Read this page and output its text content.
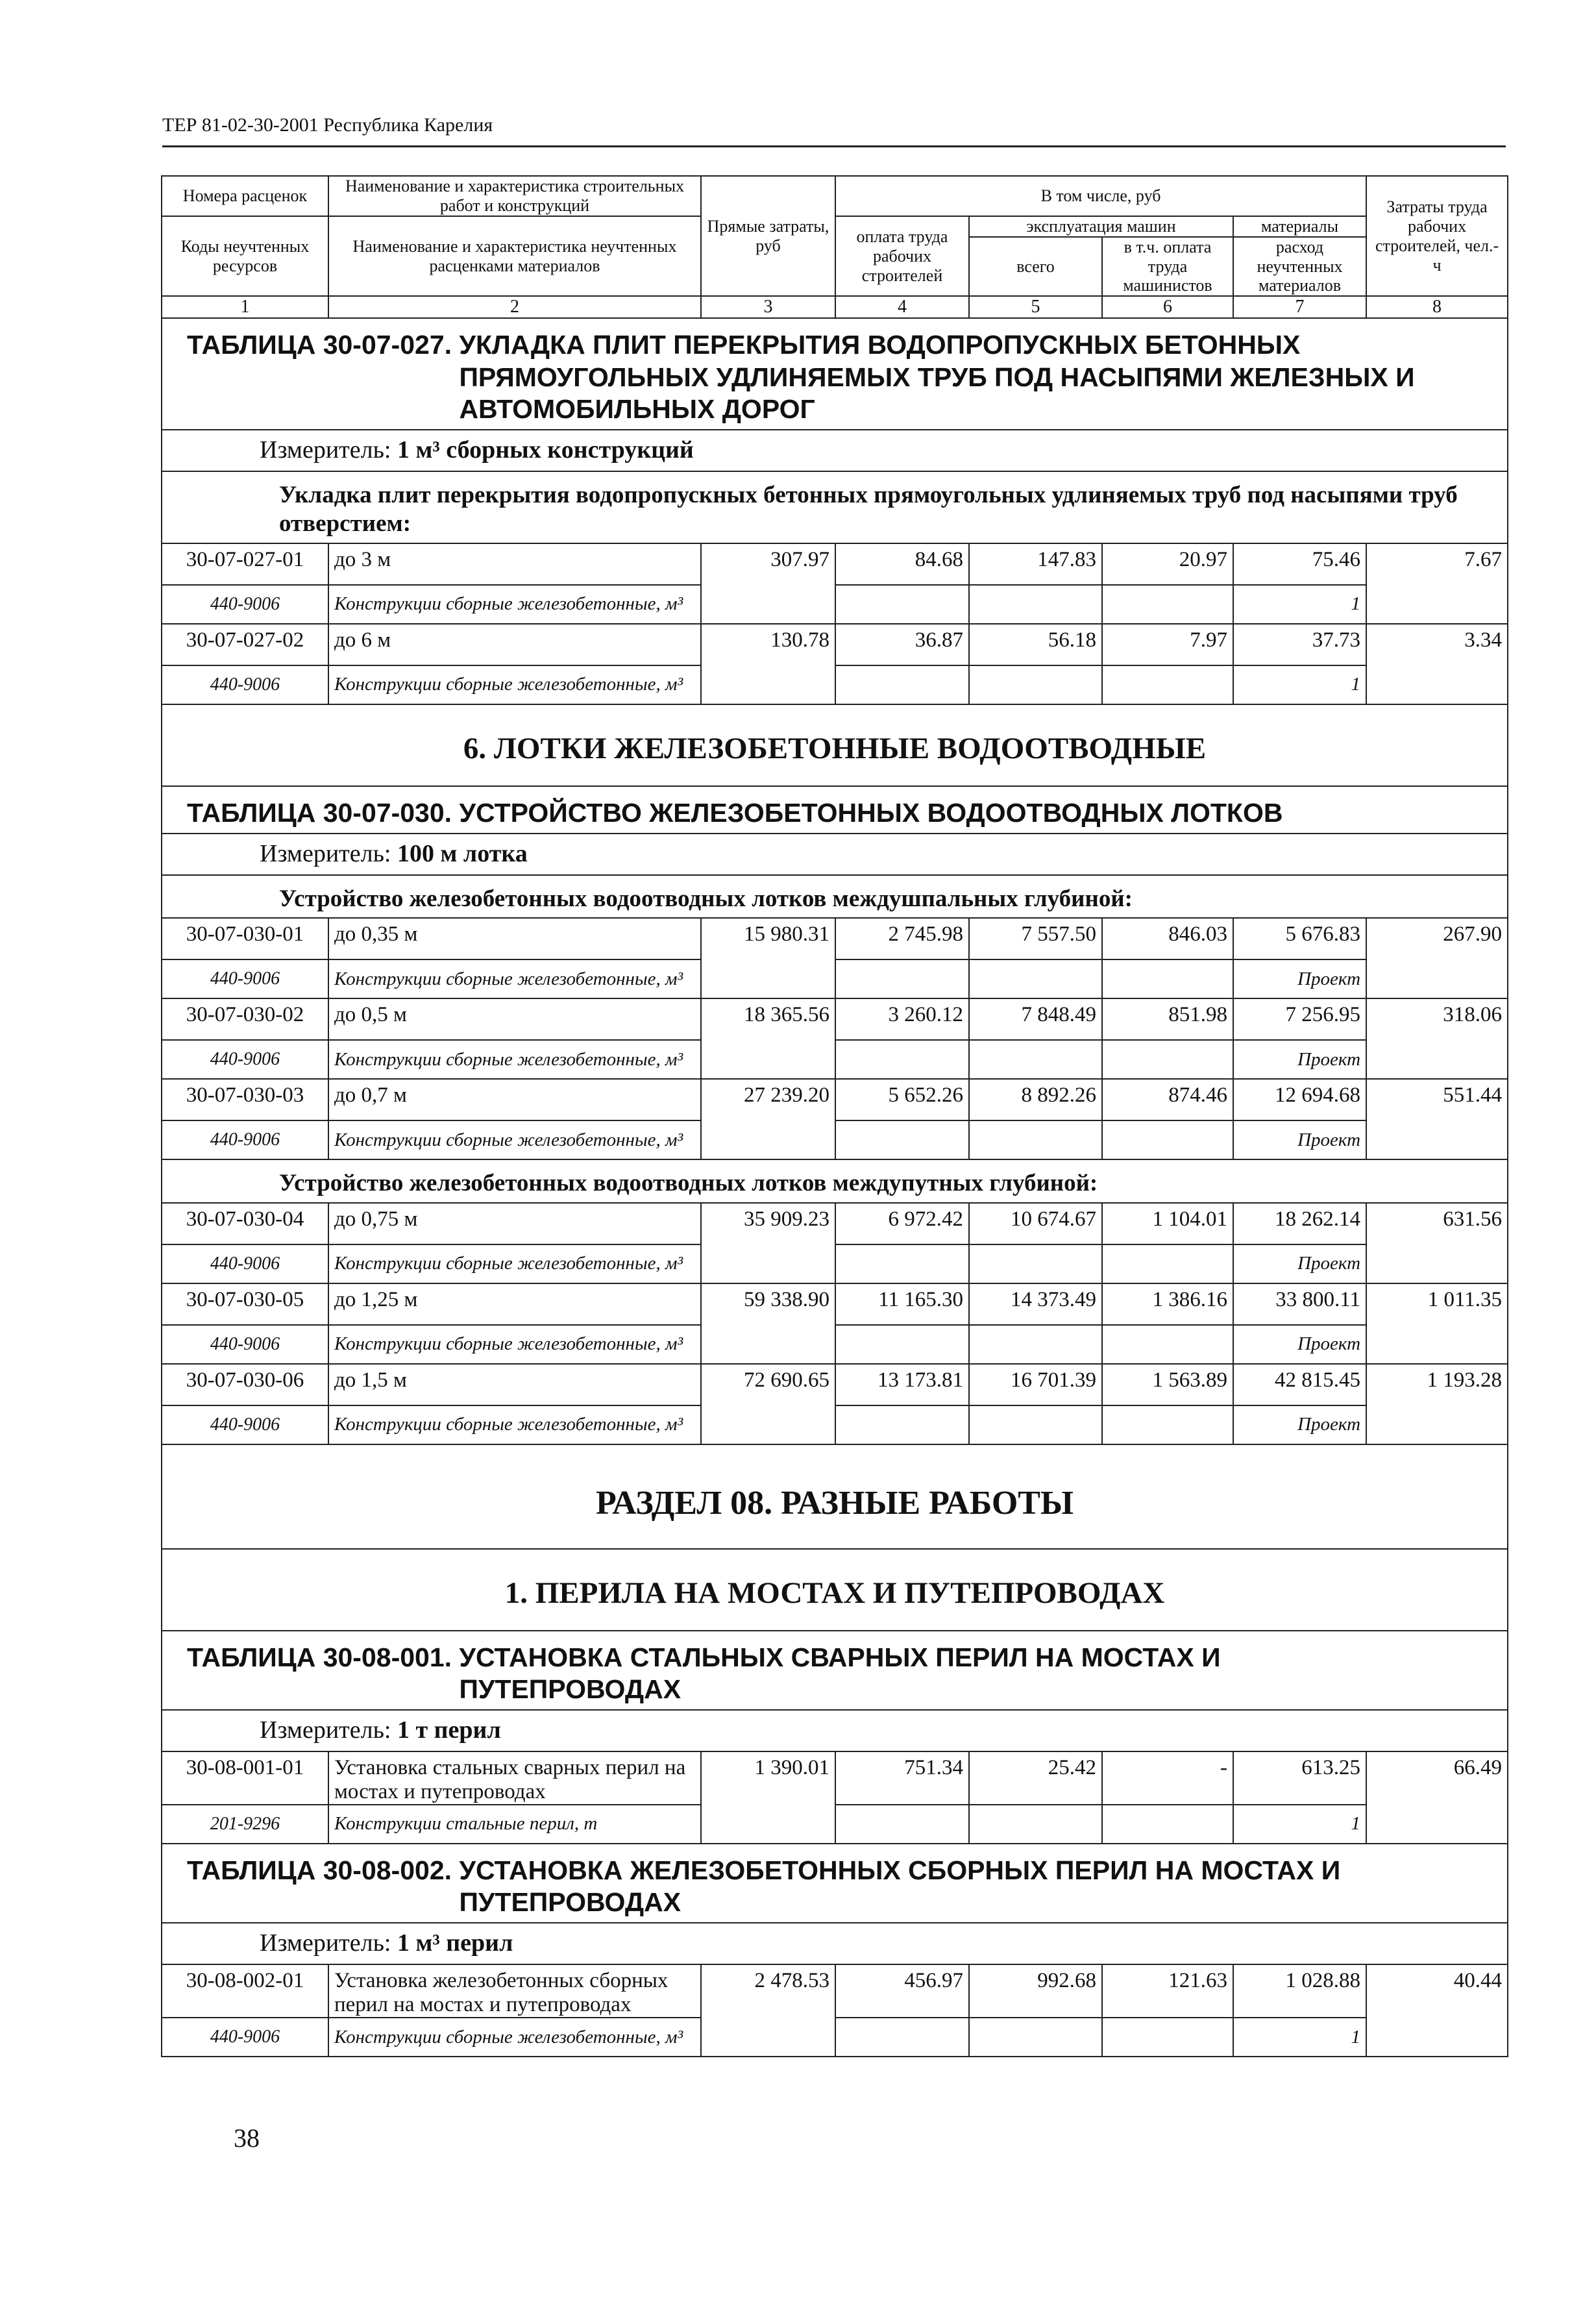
ТЕР 81-02-30-2001 Республика Карелия
Номера расценок	Наименование и характеристика строительных работ и конструкций	Прямые затраты, руб	В том числе, руб				Затраты труда рабочих строителей, чел.-ч
Коды неучтенных ресурсов	Наименование и характеристика неучтенных расценками материалов		оплата труда рабочих строителей	эксплуатация машин		материалы	
				всего	в т.ч. оплата труда машинистов	расход неучтенных материалов	

1	2	3	4	5	6	7	8
ТАБЛИЦА 30-07-027. УКЛАДКА ПЛИТ ПЕРЕКРЫТИЯ ВОДОПРОПУСКНЫХ БЕТОННЫХ ПРЯМОУГОЛЬНЫХ УДЛИНЯЕМЫХ ТРУБ ПОД НАСЫПЯМИ ЖЕЛЕЗНЫХ И АВТОМОБИЛЬНЫХ ДОРОГ							
Измеритель: 1 м³ сборных конструкций							
Укладка плит перекрытия водопропускных бетонных прямоугольных удлиняемых труб под насыпями труб отверстием:							
30-07-027-01	до 3 м	307.97	84.68	147.83	20.97	75.46	7.67
440-9006	Конструкции сборные железобетонные, м³					1	
30-07-027-02	до 6 м	130.78	36.87	56.18	7.97	37.73	3.34
440-9006	Конструкции сборные железобетонные, м³					1	
6. ЛОТКИ ЖЕЛЕЗОБЕТОННЫЕ ВОДООТВОДНЫЕ							
ТАБЛИЦА 30-07-030. УСТРОЙСТВО ЖЕЛЕЗОБЕТОННЫХ ВОДООТВОДНЫХ ЛОТКОВ							
Измеритель: 100 м лотка							
Устройство железобетонных водоотводных лотков междушпальных глубиной:							
30-07-030-01	до 0,35 м	15 980.31	2 745.98	7 557.50	846.03	5 676.83	267.90
440-9006	Конструкции сборные железобетонные, м³					Проект	
30-07-030-02	до 0,5 м	18 365.56	3 260.12	7 848.49	851.98	7 256.95	318.06
440-9006	Конструкции сборные железобетонные, м³					Проект	
30-07-030-03	до 0,7 м	27 239.20	5 652.26	8 892.26	874.46	12 694.68	551.44
440-9006	Конструкции сборные железобетонные, м³					Проект	
Устройство железобетонных водоотводных лотков междупутных глубиной:							
30-07-030-04	до 0,75 м	35 909.23	6 972.42	10 674.67	1 104.01	18 262.14	631.56
440-9006	Конструкции сборные железобетонные, м³					Проект	
30-07-030-05	до 1,25 м	59 338.90	11 165.30	14 373.49	1 386.16	33 800.11	1 011.35
440-9006	Конструкции сборные железобетонные, м³					Проект	
30-07-030-06	до 1,5 м	72 690.65	13 173.81	16 701.39	1 563.89	42 815.45	1 193.28
440-9006	Конструкции сборные железобетонные, м³					Проект	
РАЗДЕЛ 08. РАЗНЫЕ РАБОТЫ							
1. ПЕРИЛА НА МОСТАХ И ПУТЕПРОВОДАХ							
ТАБЛИЦА 30-08-001. УСТАНОВКА СТАЛЬНЫХ СВАРНЫХ ПЕРИЛ НА МОСТАХ И ПУТЕПРОВОДАХ							
Измеритель: 1 т перил							
30-08-001-01	Установка стальных сварных перил на мостах и путепроводах	1 390.01	751.34	25.42	-	613.25	66.49
201-9296	Конструкции стальные перил, т					1	
ТАБЛИЦА 30-08-002. УСТАНОВКА ЖЕЛЕЗОБЕТОННЫХ СБОРНЫХ ПЕРИЛ НА МОСТАХ И ПУТЕПРОВОДАХ							
Измеритель: 1 м³ перил							
30-08-002-01	Установка железобетонных сборных перил на мостах и путепроводах	2 478.53	456.97	992.68	121.63	1 028.88	40.44
440-9006	Конструкции сборные железобетонные, м³					1	
38
